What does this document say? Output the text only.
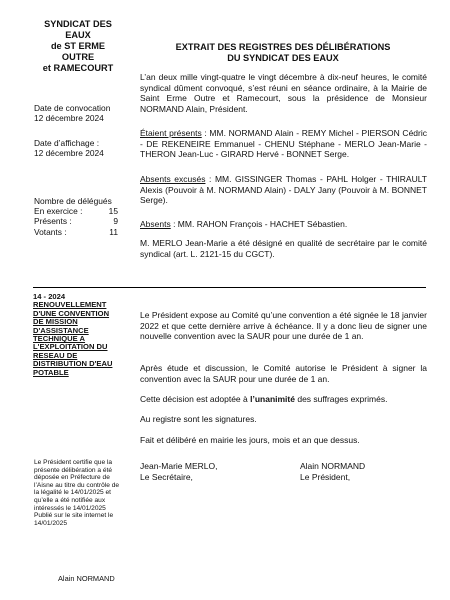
SYNDICAT DES
EAUX
de ST ERME
OUTRE
et RAMECOURT
EXTRAIT DES REGISTRES DES DÉLIBÉRATIONS
DU SYNDICAT DES EAUX
Date de convocation
12 décembre 2024
Date d’affichage :
12 décembre 2024
Nombre de délégués
En exercice :	15
Présents :	9
Votants :	11

L’an deux mille vingt-quatre le vingt décembre à dix-neuf heures, le comité syndical dûment convoqué, s’est réuni en séance ordinaire, à la Mairie de Saint Erme Outre et Ramecourt, sous la présidence de Monsieur NORMAND Alain, Président.

Étaient présents : MM. NORMAND Alain - REMY Michel - PIERSON Cédric - DE REKENEIRE Emmanuel - CHENU Stéphane - MERLO Jean-Marie - THERON Jean-Luc - GIRARD Hervé - BONNET Serge.

Absents excusés : MM. GISSINGER Thomas - PAHL Holger - THIRAULT Alexis (Pouvoir à M. NORMAND Alain) - DALY Jany (Pouvoir à M. BONNET Serge).

Absents : MM. RAHON François - HACHET Sébastien.

M. MERLO Jean-Marie a été désigné en qualité de secrétaire par le comité syndical (art. L. 2121-15 du CGCT).

14 - 2024
RENOUVELLEMENT D'UNE CONVENTION DE MISSION D'ASSISTANCE TECHNIQUE A L'EXPLOITATION DU RESEAU DE DISTRIBUTION D'EAU POTABLE

Le Président expose au Comité qu’une convention a été signée le 18 janvier 2022 et que cette dernière arrive à échéance. Il y a donc lieu de signer une nouvelle convention avec la SAUR pour une durée de 1 an.

Après étude et discussion, le Comité autorise le Président à signer la convention avec la SAUR pour une durée de 1 an.

Cette décision est adoptée à l’unanimité des suffrages exprimés.

Au registre sont les signatures.

Fait et délibéré en mairie les jours, mois et an que dessus.

Jean-Marie MERLO,
Le Secrétaire,
Alain NORMAND
Le Président,
Le Président certifie que la présente délibération a été déposée en Préfecture de l’Aisne au titre du contrôle de la légalité le 14/01/2025 et qu’elle a été notifiée aux intéressés le 14/01/2025 Publié sur le site internet le 14/01/2025
Alain NORMAND
